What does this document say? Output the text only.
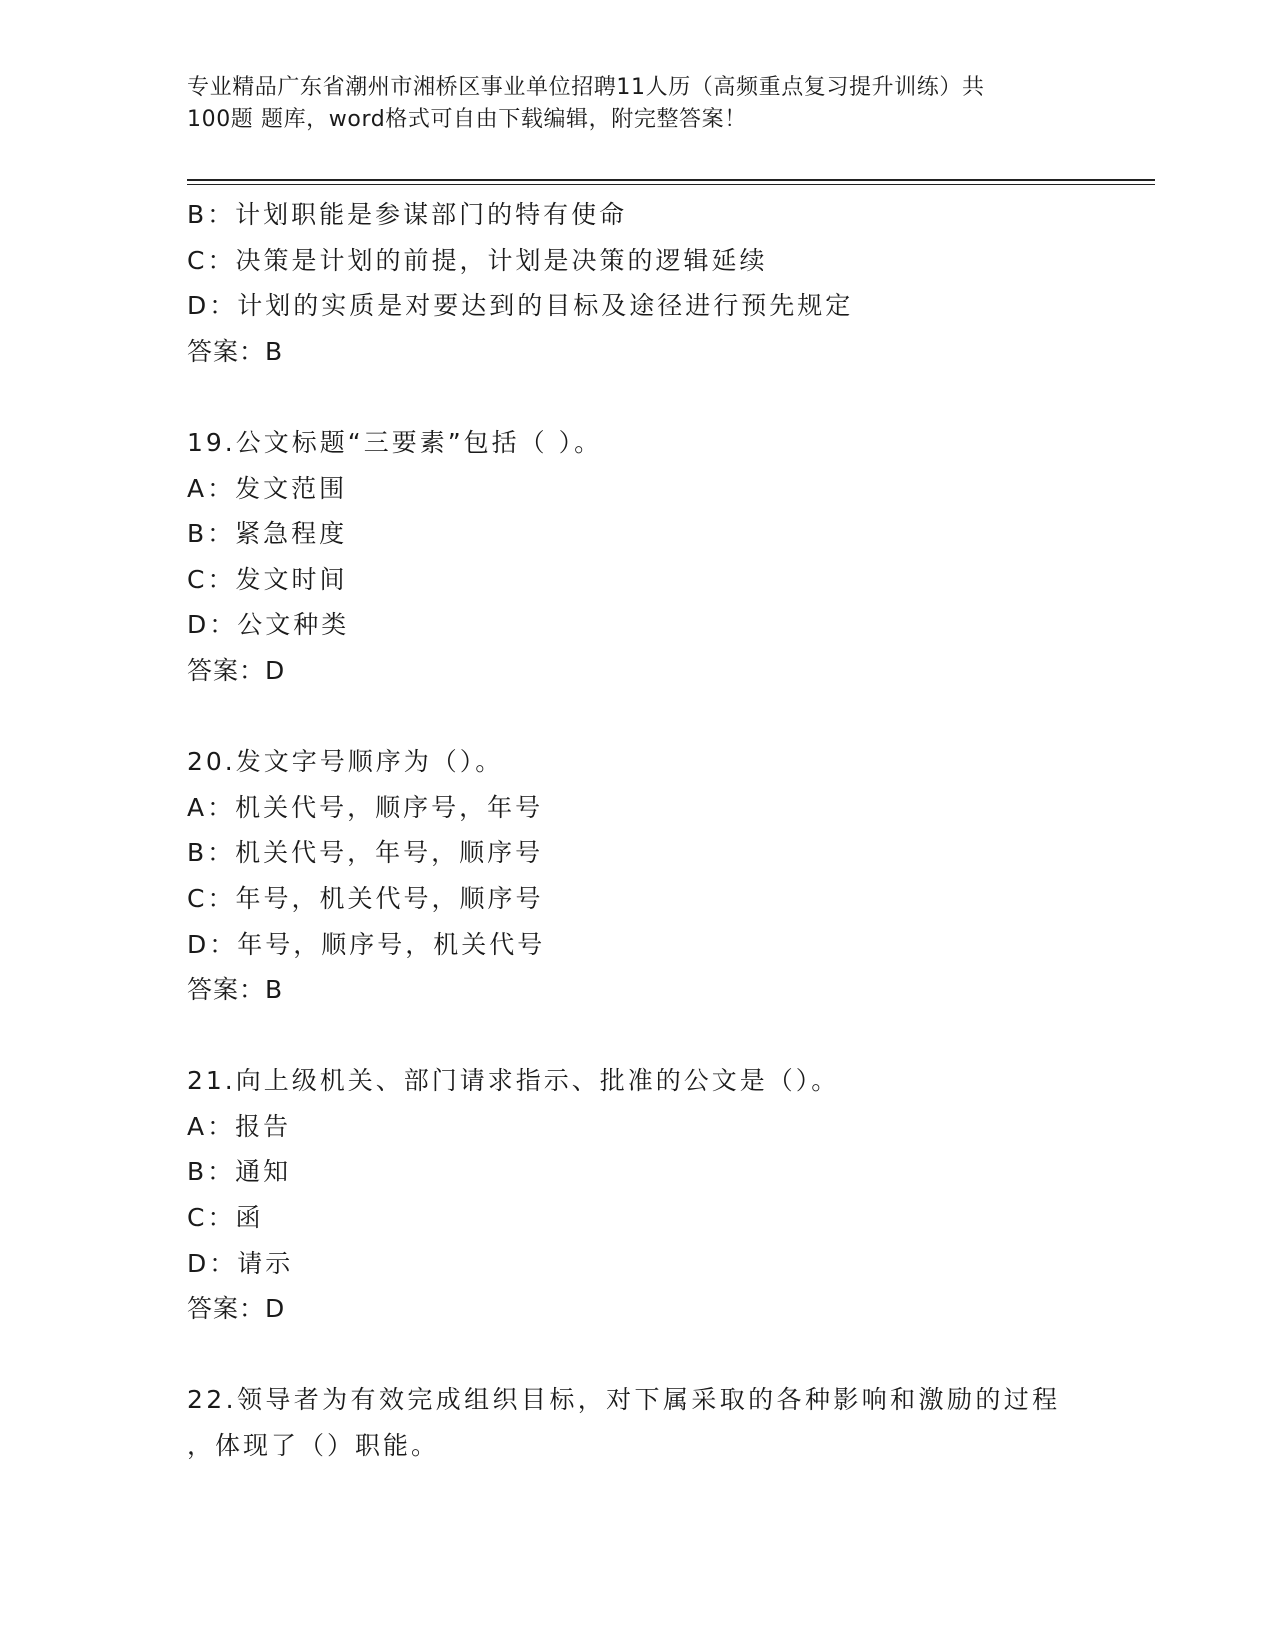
专业精品广东省潮州市湘桥区事业单位招聘11人历（高频重点复习提升训练）共
100题 题库，word格式可自由下载编辑，附完整答案！
B：计划职能是参谋部门的特有使命
C：决策是计划的前提，计划是决策的逻辑延续
D：计划的实质是对要达到的目标及途径进行预先规定
答案：B
19.公文标题“三要素”包括（ ）。
A：发文范围
B：紧急程度
C：发文时间
D：公文种类
答案：D
20.发文字号顺序为（）。
A：机关代号，顺序号，年号
B：机关代号，年号，顺序号
C：年号，机关代号，顺序号
D：年号，顺序号，机关代号
答案：B
21.向上级机关、部门请求指示、批准的公文是（）。
A：报告
B：通知
C：函
D：请示
答案：D
22.领导者为有效完成组织目标，对下属采取的各种影响和激励的过程
，体现了（）职能。
